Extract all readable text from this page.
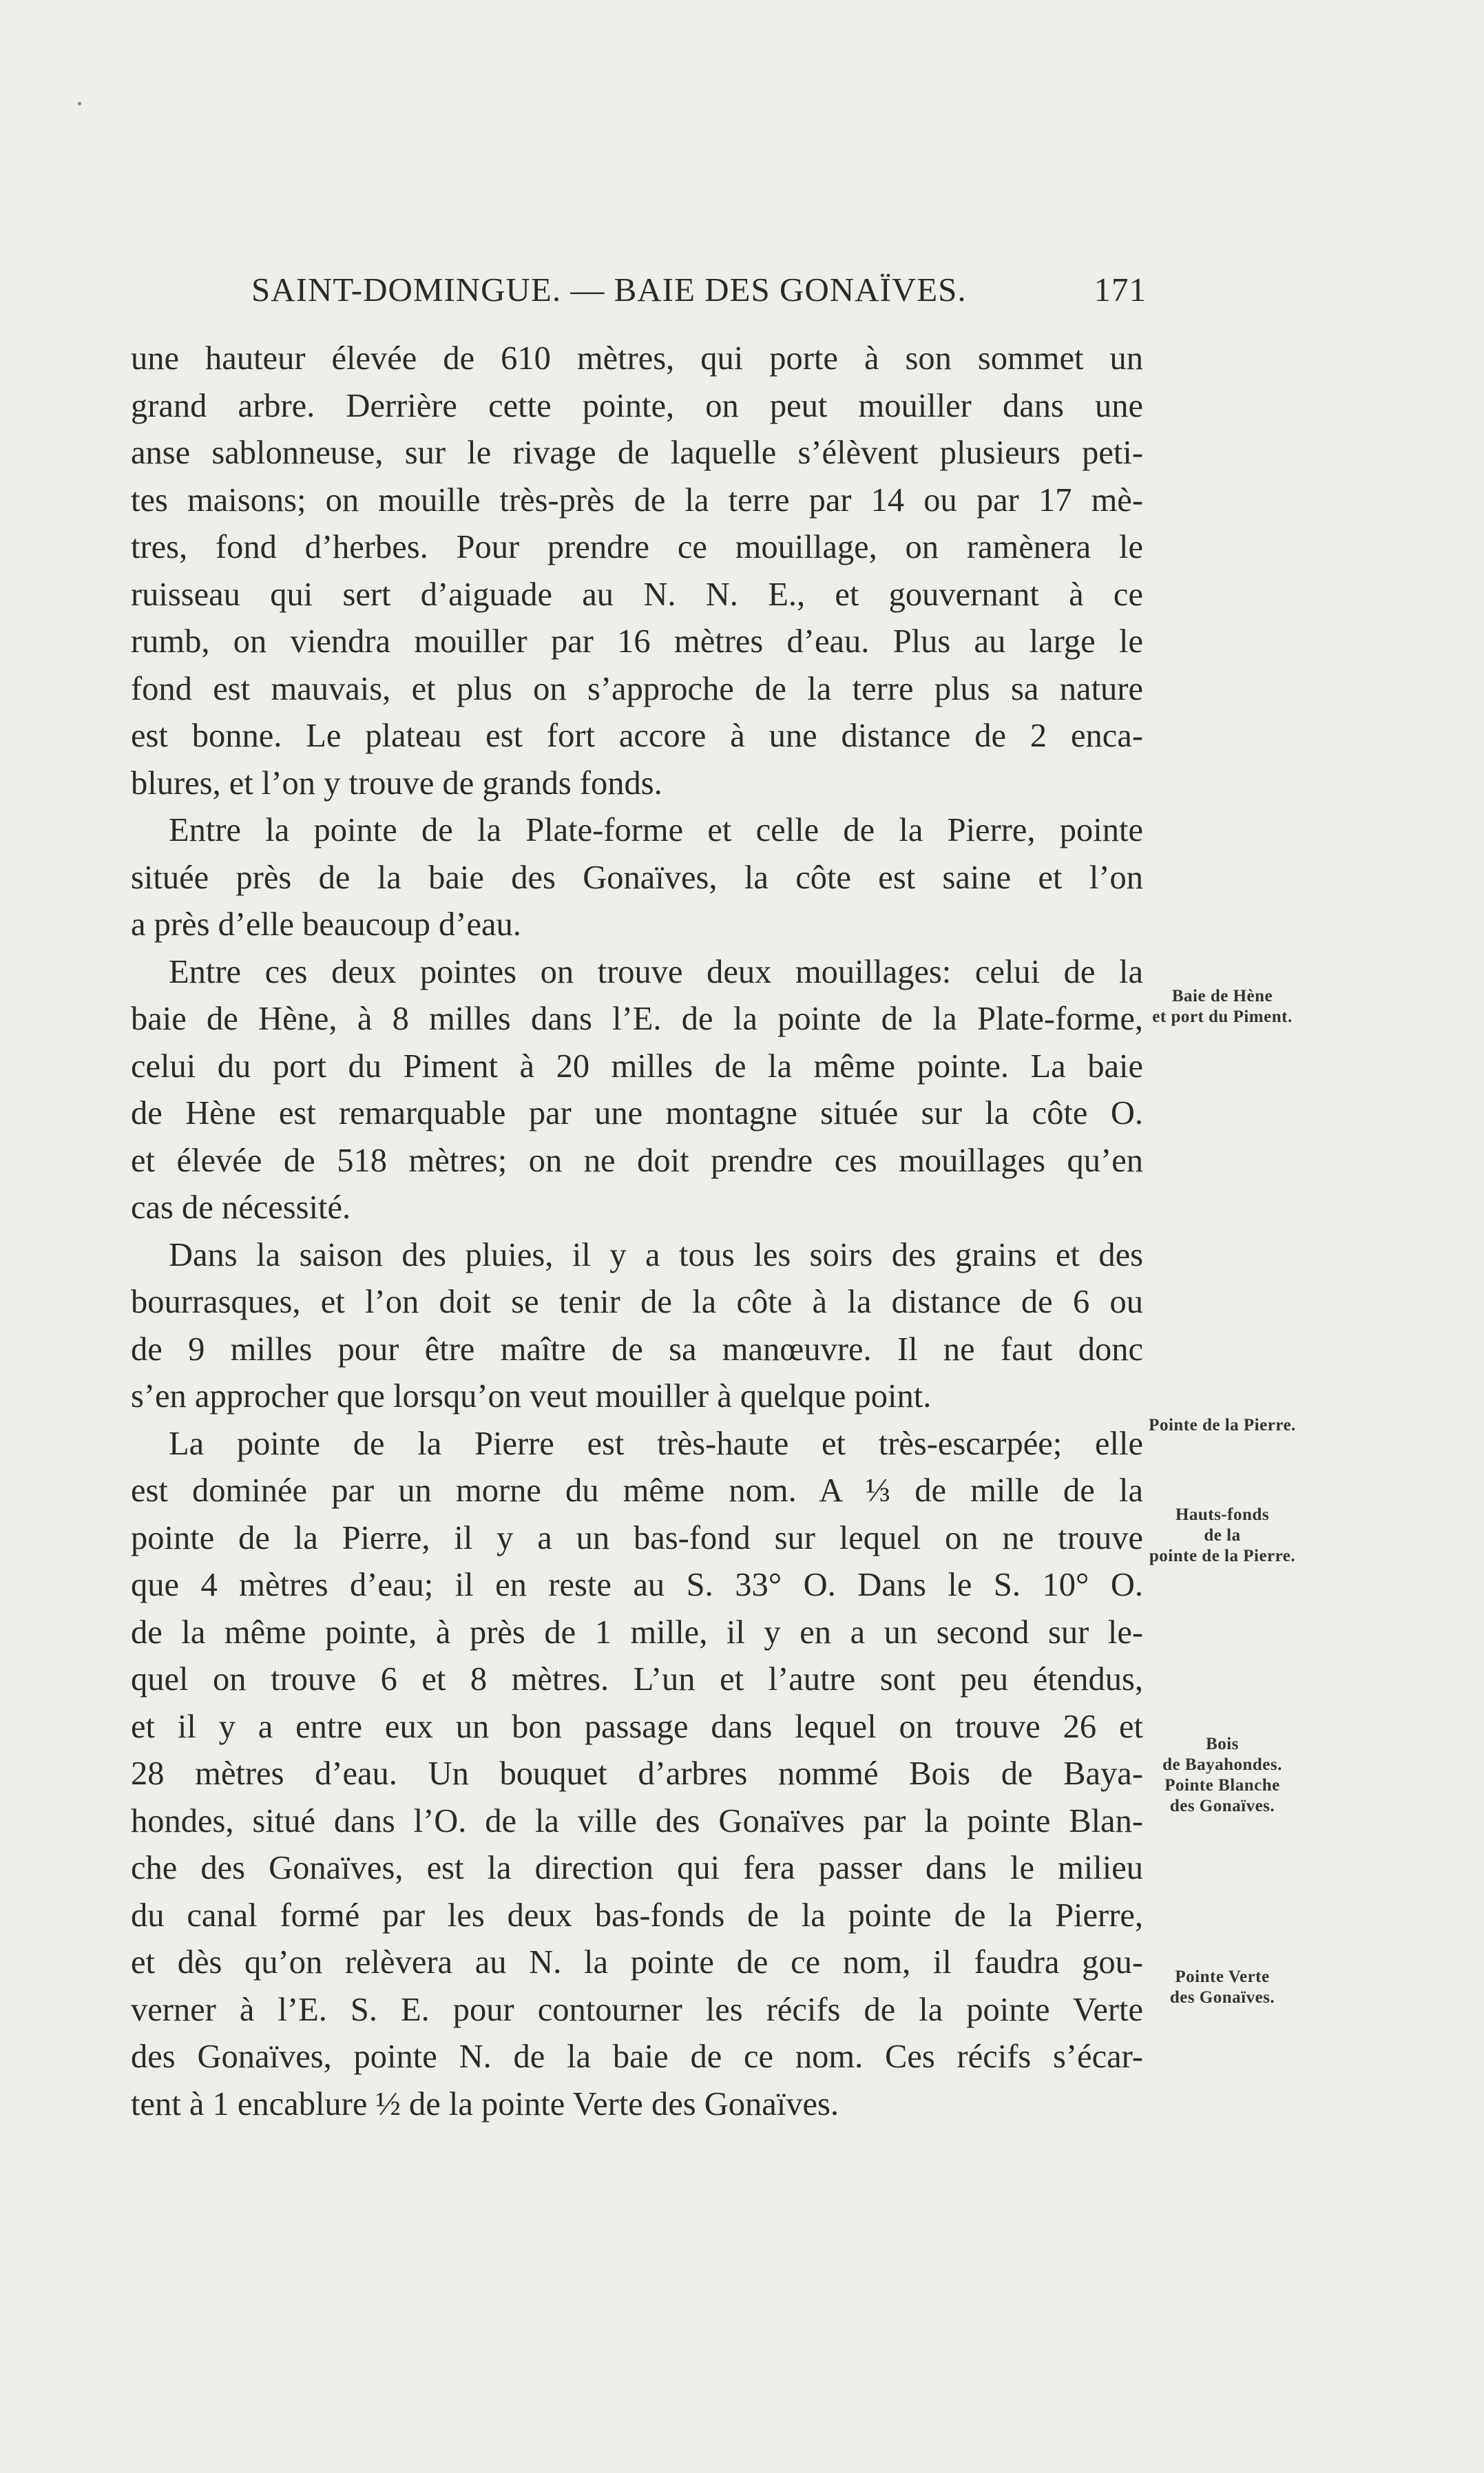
SAINT-DOMINGUE. — BAIE DES GONAÏVES.	171
une hauteur élevée de 610 mètres, qui porte à son sommet un
grand arbre. Derrière cette pointe, on peut mouiller dans une
anse sablonneuse, sur le rivage de laquelle s’élèvent plusieurs peti-
tes maisons; on mouille très-près de la terre par 14 ou par 17 mè-
tres, fond d’herbes. Pour prendre ce mouillage, on ramènera le
ruisseau qui sert d’aiguade au N. N. E., et gouvernant à ce
rumb, on viendra mouiller par 16 mètres d’eau. Plus au large le
fond est mauvais, et plus on s’approche de la terre plus sa nature
est bonne. Le plateau est fort accore à une distance de 2 enca-
blures, et l’on y trouve de grands fonds.
Entre la pointe de la Plate-forme et celle de la Pierre, pointe
située près de la baie des Gonaïves, la côte est saine et l’on
a près d’elle beaucoup d’eau.
Entre ces deux pointes on trouve deux mouillages: celui de la
baie de Hène, à 8 milles dans l’E. de la pointe de la Plate-forme,
celui du port du Piment à 20 milles de la même pointe. La baie
de Hène est remarquable par une montagne située sur la côte O.
et élevée de 518 mètres; on ne doit prendre ces mouillages qu’en
cas de nécessité.
Dans la saison des pluies, il y a tous les soirs des grains et des
bourrasques, et l’on doit se tenir de la côte à la distance de 6 ou
de 9 milles pour être maître de sa manœuvre. Il ne faut donc
s’en approcher que lorsqu’on veut mouiller à quelque point.
La pointe de la Pierre est très-haute et très-escarpée; elle
est dominée par un morne du même nom. A ⅓ de mille de la
pointe de la Pierre, il y a un bas-fond sur lequel on ne trouve
que 4 mètres d’eau; il en reste au S. 33° O. Dans le S. 10° O.
de la même pointe, à près de 1 mille, il y en a un second sur le-
quel on trouve 6 et 8 mètres. L’un et l’autre sont peu étendus,
et il y a entre eux un bon passage dans lequel on trouve 26 et
28 mètres d’eau. Un bouquet d’arbres nommé Bois de Baya-
hondes, situé dans l’O. de la ville des Gonaïves par la pointe Blan-
che des Gonaïves, est la direction qui fera passer dans le milieu
du canal formé par les deux bas-fonds de la pointe de la Pierre,
et dès qu’on relèvera au N. la pointe de ce nom, il faudra gou-
verner à l’E. S. E. pour contourner les récifs de la pointe Verte
des Gonaïves, pointe N. de la baie de ce nom. Ces récifs s’écar-
tent à 1 encablure ½ de la pointe Verte des Gonaïves.
Baie de Hène
et port du Piment.
Pointe de la Pierre.
Hauts-fonds
de la
pointe de la Pierre.
Bois
de Bayahondes.
Pointe Blanche
des Gonaïves.
Pointe Verte
des Gonaïves.
